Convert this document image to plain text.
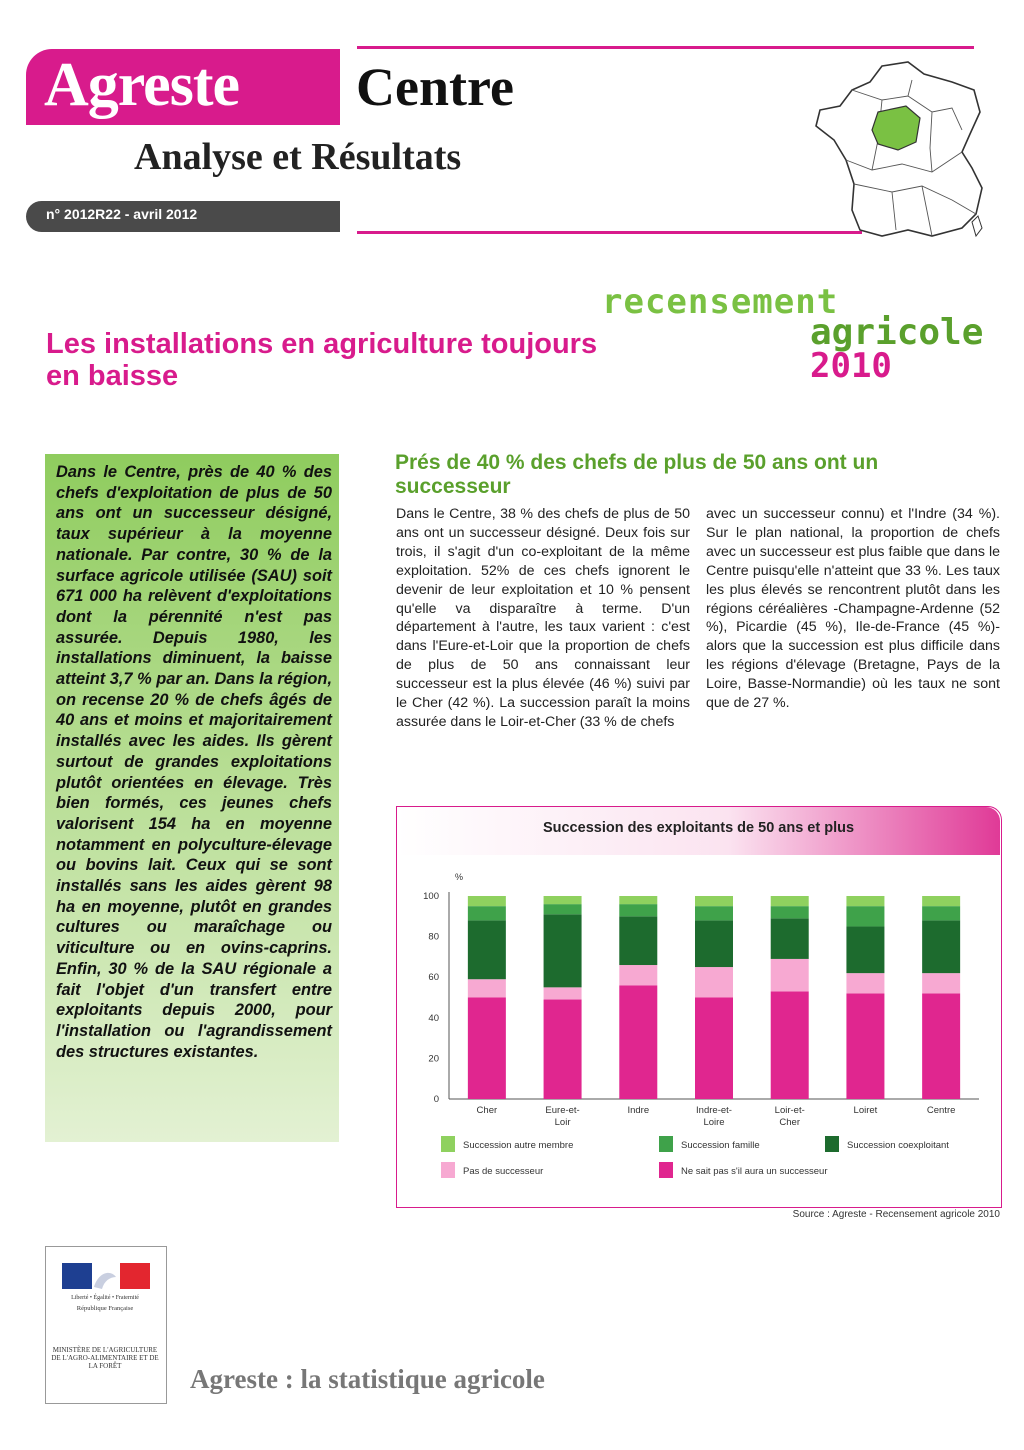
Agreste Centre
Analyse et Résultats
n° 2012R22 - avril 2012
recensement
agricole
2010
Les installations en agriculture toujours en baisse
Dans le Centre, près de 40 % des chefs d'exploitation de plus de 50 ans ont un successeur désigné, taux supérieur à la moyenne nationale. Par contre, 30 % de la surface agricole utilisée (SAU) soit 671 000 ha relèvent d'exploitations dont la pérennité n'est pas assurée. Depuis 1980, les installations diminuent, la baisse atteint 3,7 % par an. Dans la région, on recense 20 % de chefs âgés de 40 ans et moins et majoritairement installés avec les aides. Ils gèrent surtout de grandes exploitations plutôt orientées en élevage. Très bien formés, ces jeunes chefs valorisent 154 ha en moyenne notamment en polyculture-élevage ou bovins lait. Ceux qui se sont installés sans les aides gèrent 98 ha en moyenne, plutôt en grandes cultures ou maraîchage ou viticulture ou en ovins-caprins. Enfin, 30 % de la SAU régionale a fait l'objet d'un transfert entre exploitants depuis 2000, pour l'installation ou l'agrandissement des structures existantes.
Prés de 40 % des chefs de plus de 50 ans ont un successeur
Dans le Centre, 38 % des chefs de plus de 50 ans ont un successeur désigné. Deux fois sur trois, il s'agit d'un co-exploitant de la même exploitation. 52% de ces chefs ignorent le devenir de leur exploitation et 10 % pensent qu'elle va disparaître à terme. D'un département à l'autre, les taux varient : c'est dans l'Eure-et-Loir que la proportion de chefs de plus de 50 ans connaissant leur successeur est la plus élevée (46 %) suivi par le Cher (42 %). La succession paraît la moins assurée dans le Loir-et-Cher (33 % de chefs
avec un successeur connu) et l'Indre (34 %). Sur le plan national, la proportion de chefs avec un successeur est plus faible que dans le Centre puisqu'elle n'atteint que 33 %. Les taux les plus élevés se rencontrent plutôt dans les régions céréalières -Champagne-Ardenne (52 %), Picardie (45 %), Ile-de-France (45 %)- alors que la succession est plus difficile dans les régions d'élevage (Bretagne, Pays de la Loire, Basse-Normandie) où les taux ne sont que de 27 %.
Succession des exploitants de 50 ans et plus
%
0
20
40
60
80
100
Cher	Eure-et-
Loir
Indre	Indre-et-
Loire
Loir-et-
Cher
Loiret	Centre
Succession autre membre	Succession famille	Succession coexploitant
Pas de successeur	Ne sait pas s'il aura un successeur
Source : Agreste - Recensement agricole 2010
Liberté • Égalité • Fraternité
République Française
MINISTÈRE DE L'AGRICULTURE DE L'AGRO-ALIMENTAIRE ET DE LA FORÊT	Agreste : la statistique agricole
